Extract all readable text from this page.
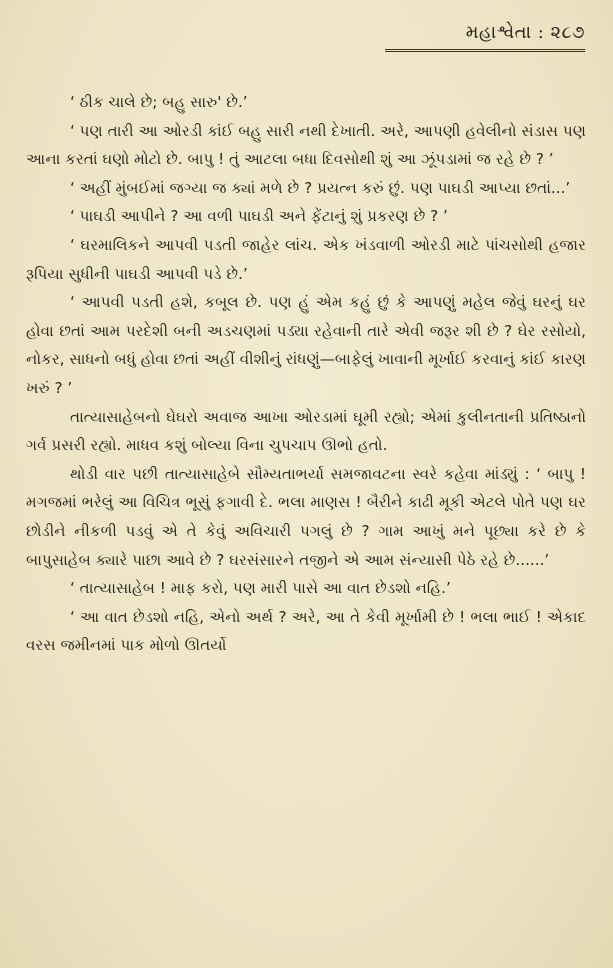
મહાશ્વેતા : ૨૮૭

‘ ઠીક ચાલે છે; બહુ સારુ' છે.’

‘ પણ તારી આ ઓરડી કાંઈ બહુ સારી નથી દેખાતી. અરે, આપણી હવેલીનો સંડાસ પણ આના કરતાં ઘણો મોટો છે. બાપુ ! તું આટલા બધા દિવસોથી શું આ ઝૂંપડામાં જ રહે છે ? ’

‘ અહીં મુંબઈમાં જગ્યા જ ક્યાં મળે છે ? પ્રયત્ન કરું છું. પણ પાઘડી આપ્યા છતાં...’

‘ પાઘડી આપીને ? આ વળી પાઘડી અને ફેંટાનું શું પ્રકરણ છે ? ’

‘ ઘરમાલિકને આપવી પડતી જાહેર લાંચ. એક ખંડવાળી ઓરડી માટે પાંચસોથી હજાર રૂપિયા સુધીની પાઘડી આપવી પડે છે.’

‘ આપવી પડતી હશે, કબૂલ છે. પણ હું એમ કહું છું કે આપણું મહેલ જેવું ઘરનું ઘર હોવા છતાં આમ પરદેશી બની અડચણમાં પડ્યા રહેવાની તારે એવી જરૂર શી છે ? ઘેર રસોયો, નોકર, સાધનો બધું હોવા છતાં અહીં વીશીનું રાંધણું—બાફેલું ખાવાની મૂર્ખાઈ કરવાનું કાંઈ કારણ ખરું ? ’

તાત્યાસાહેબનો ઘેઘરો અવાજ આખા ઓરડામાં ઘૂમી રહ્યો; એમાં કુલીનતાની પ્રતિષ્ઠાનો ગર્વ પ્રસરી રહ્યો. માધવ કશું બોલ્યા વિના ચુપચાપ ઊભો હતો.

થોડી વાર પછી તાત્યાસાહેબે સૌમ્યતાભર્યા સમજાવટના સ્વરે કહેવા માંડ્યું : ‘ બાપુ ! મગજમાં ભરેલું આ વિચિત્ર ભૂસું ફગાવી દે. ભલા માણસ ! બૈરીને કાઢી મૂકી એટલે પોતે પણ ઘર છોડીને નીકળી પડવું એ તે કેવું અવિચારી પગલું છે ? ગામ આખું મને પૂછ્યા કરે છે કે બાપુસાહેબ ક્યારે પાછા આવે છે ? ઘરસંસારને તજીને એ આમ સંન્યાસી પેઠે રહે છે......’

‘ તાત્યાસાહેબ ! માફ કરો, પણ મારી પાસે આ વાત છેડશો નહિ.’

‘ આ વાત છેડશો નહિ, એનો અર્થ ? અરે, આ તે કેવી મૂર્ખામી છે ! ભલા ભાઈ ! એકાદ વરસ જમીનમાં પાક મોળો ઊતર્યો
